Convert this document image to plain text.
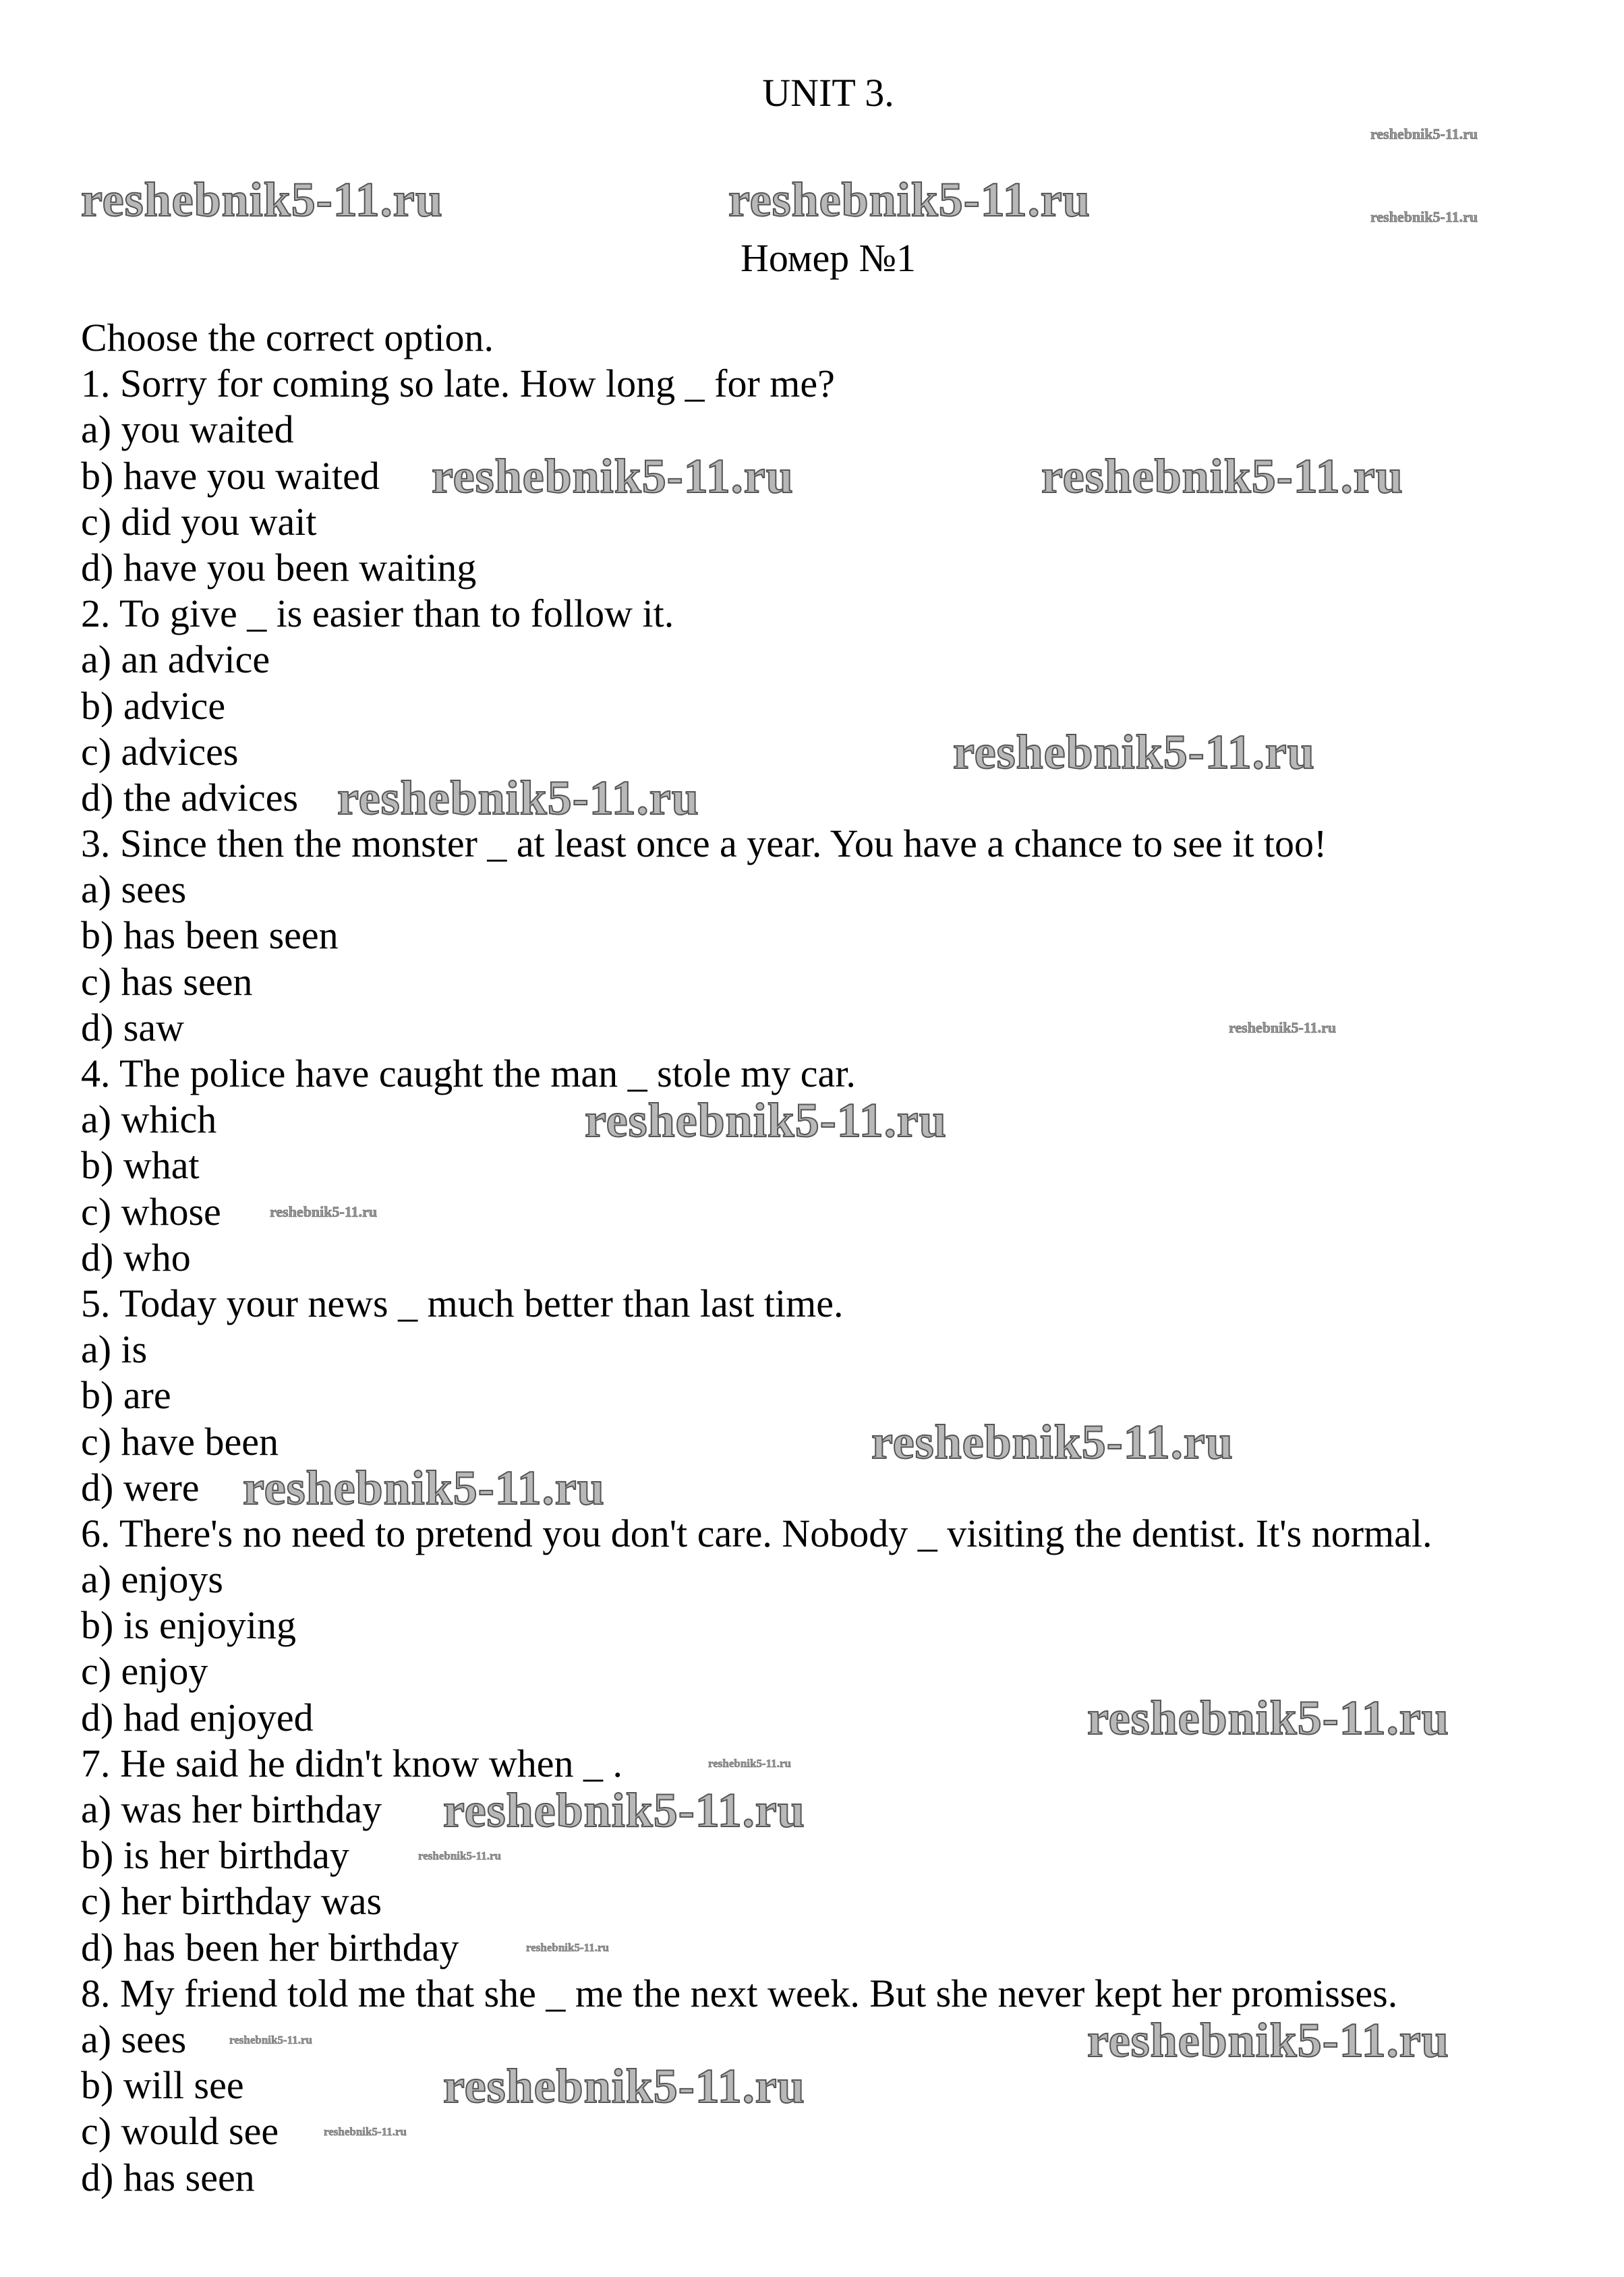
UNIT 3.
Номер №1
Choose the correct option.
1. Sorry for coming so late. How long _ for me?
a) you waited
b) have you waited
c) did you wait
d) have you been waiting
2. To give _ is easier than to follow it.
a) an advice
b) advice
c) advices
d) the advices
3. Since then the monster _ at least once a year. You have a chance to see it too!
a) sees
b) has been seen
c) has seen
d) saw
4. The police have caught the man _ stole my car.
a) which
b) what
c) whose
d) who
5. Today your news _ much better than last time.
a) is
b) are
c) have been
d) were
6. There's no need to pretend you don't care. Nobody _ visiting the dentist. It's normal.
a) enjoys
b) is enjoying
c) enjoy
d) had enjoyed
7. He said he didn't know when _ .
a) was her birthday
b) is her birthday
c) her birthday was
d) has been her birthday
8. My friend told me that she _ me the next week. But she never kept her promisses.
a) sees
b) will see
c) would see
d) has seen
reshebnik5-11.ru	reshebnik5-11.ru
reshebnik5-11.ru
reshebnik5-11.ru
reshebnik5-11.ru	reshebnik5-11.ru
reshebnik5-11.ru
reshebnik5-11.ru
reshebnik5-11.ru
reshebnik5-11.ru
reshebnik5-11.ru
reshebnik5-11.ru
reshebnik5-11.ru
reshebnik5-11.ru
reshebnik5-11.ru
reshebnik5-11.ru
reshebnik5-11.ru
reshebnik5-11.ru
reshebnik5-11.ru	reshebnik5-11.ru
reshebnik5-11.ru
reshebnik5-11.ru
